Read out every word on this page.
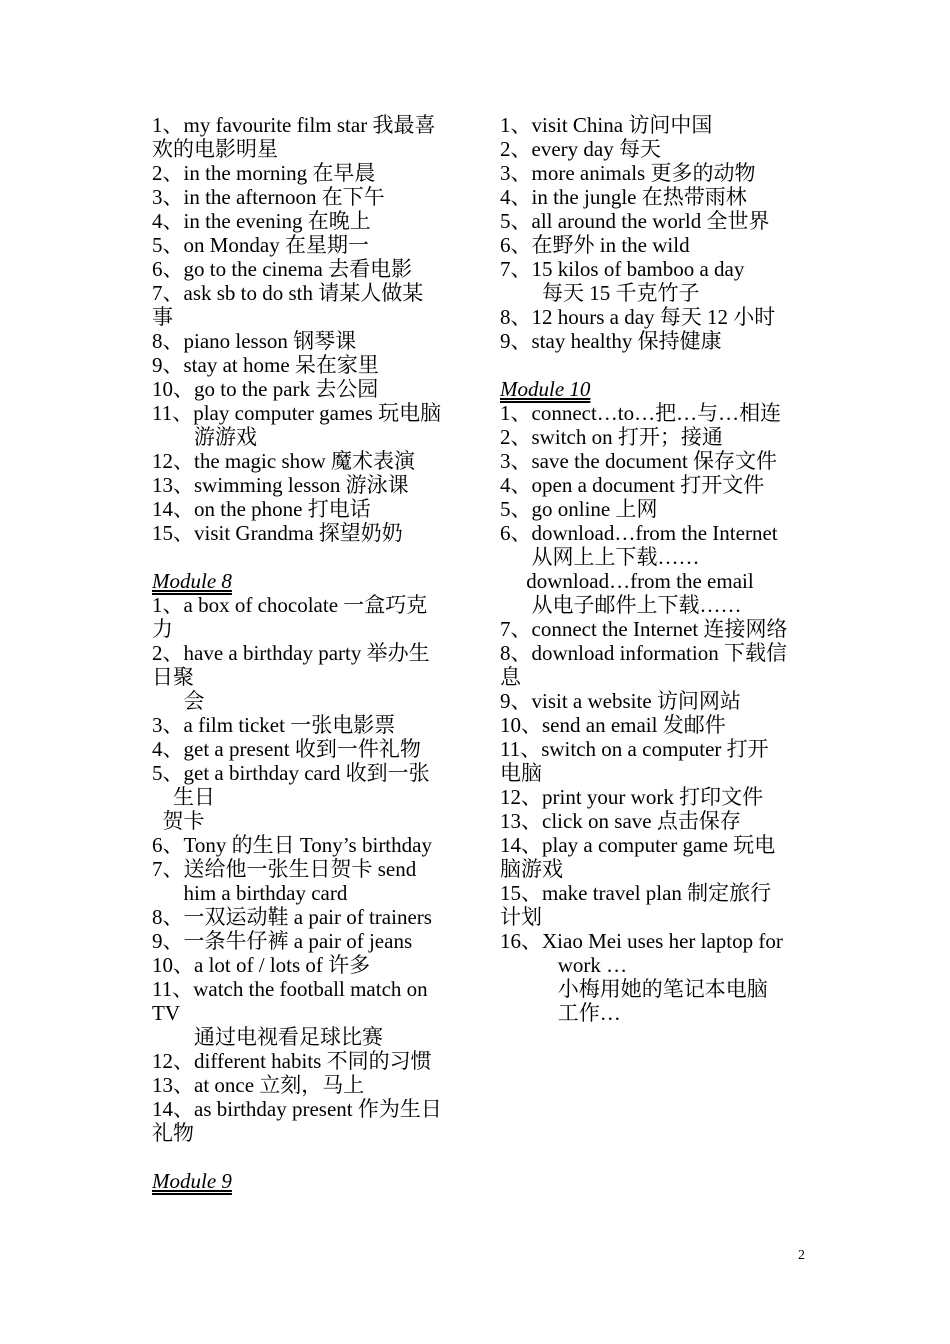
1、my favourite film star 我最喜
欢的电影明星
2、in the morning 在早晨
3、in the afternoon 在下午
4、in the evening 在晚上
5、on Monday 在星期一
6、go to the cinema 去看电影
7、ask sb to do sth 请某人做某
事
8、piano lesson 钢琴课
9、stay at home 呆在家里
10、go to the park 去公园
11、play computer games 玩电脑
游游戏
12、the magic show 魔术表演
13、swimming lesson 游泳课
14、on the phone 打电话
15、visit Grandma 探望奶奶
Module 8
1、a box of chocolate 一盒巧克
力
2、have a birthday party 举办生
日聚
会
3、a film ticket 一张电影票
4、get a present 收到一件礼物
5、get a birthday card 收到一张
生日
贺卡
6、Tony 的生日 Tony’s birthday
7、送给他一张生日贺卡 send
him a birthday card
8、一双运动鞋 a pair of trainers
9、一条牛仔裤 a pair of jeans
10、a lot of / lots of 许多
11、watch the football match on
TV
通过电视看足球比赛
12、different habits 不同的习惯
13、at once 立刻，马上
14、as birthday present 作为生日
礼物
Module 9
1、visit China 访问中国
2、every day 每天
3、more animals 更多的动物
4、in the jungle 在热带雨林
5、all around the world 全世界
6、在野外 in the wild
7、15 kilos of bamboo a day
每天 15 千克竹子
8、12 hours a day 每天 12 小时
9、stay healthy 保持健康
Module 10
1、connect…to…把…与…相连
2、switch on 打开；接通
3、save the document 保存文件
4、open a document 打开文件
5、go online 上网
6、download…from the Internet
从网上上下载……
download…from the email
从电子邮件上下载……
7、connect the Internet 连接网络
8、download information 下载信
息
9、visit a website 访问网站
10、send an email 发邮件
11、switch on a computer 打开
电脑
12、print your work 打印文件
13、click on save 点击保存
14、play a computer game 玩电
脑游戏
15、make travel plan 制定旅行
计划
16、Xiao Mei uses her laptop for
work …
小梅用她的笔记本电脑
工作…
2
